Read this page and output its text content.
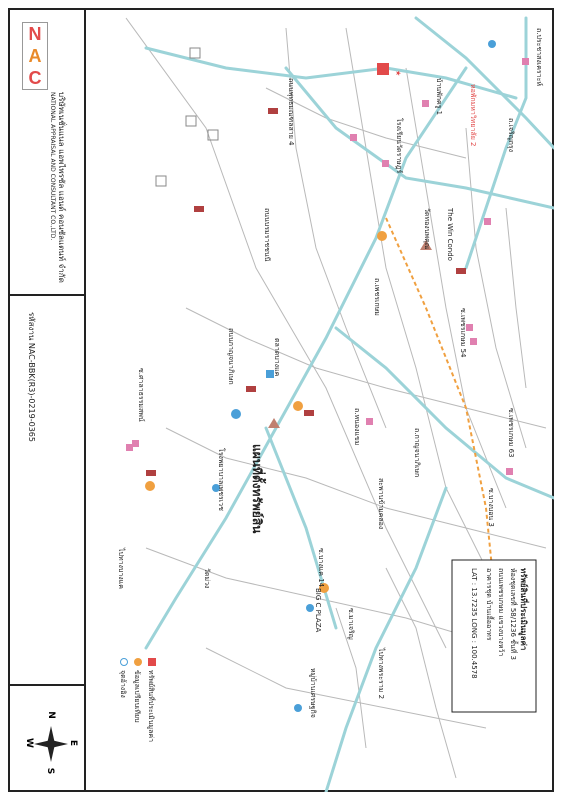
N
A
C
บริษัทเนชั่นแนล แอพไพรซัล แอนด์ คอนซัลแตนท์ จำกัด
NATIONAL APPRAISAL AND CONSULTANT CO.,LTD.
รหัสงาน NAC-BBK(R3)-0219-0365
N
S
E
W
★	ถ.ประชาสงเคราะห์
หอพักมหาวิทยาลัย 2	ถ.เจริญกรุง
บ้านพักครู 1
วัดทองนพคุณ The Win Condo
โรงเรียนวัดราษฎร์
ถนนพุทธมณฑลสาย 4
ถนนบรมราชชนนี
ถ.เพชรเกษม
ซ.เพชรเกษม 54
ถ.หนองแขม
ถนนกาญจนาภิเษก
โรงพยาบาลเพชรเวช
ตลาดบางแค
ซ.บางแค 14
BIG C PLAZA
ไปทางบางแค
ซ.เพชรเกษม 63
หมู่บ้านเศรษฐกิจ
ซ.มาเจริญ
วัดม่วง
สะพานข้ามคลอง
ถ.กาญจนาภิเษก
ซ.บางบอน 3
ไปทางพระราม 2
ซ.ศาลาธรรมสพน์
แผนที่ตั้งทรัพย์สิน
ทรัพย์สินที่ประเมินมูลค่า
ห้องชุดเลขที่ 58/1236 ชั้นที่ 3
ถนนเพชรเกษม แขวงบางหว้า
อาคารชุด บ้านเอื้ออาทร
LAT : 13.7235 LONG : 100.4578
ทรัพย์สินที่ประเมินมูลค่า
ข้อมูลเปรียบเทียบ
จุดอ้างอิง
